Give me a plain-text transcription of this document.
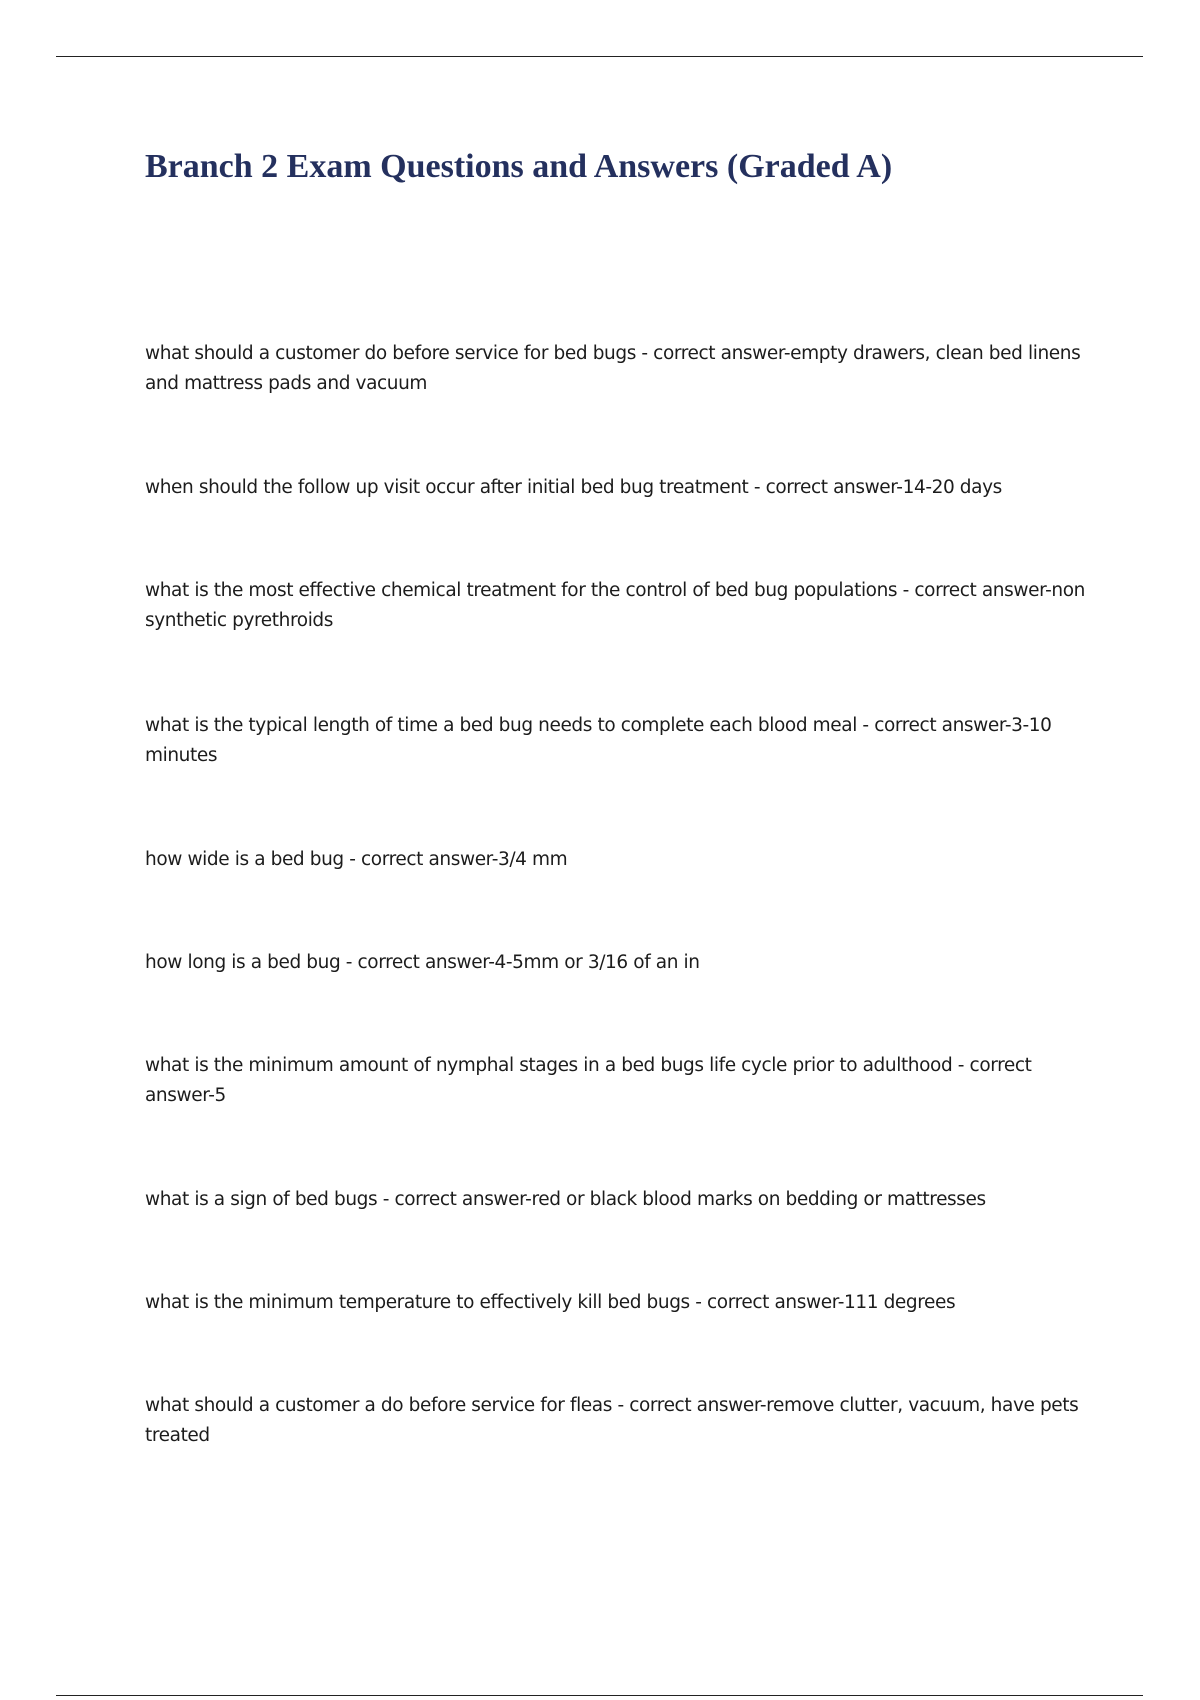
Branch 2 Exam Questions and Answers (Graded A)

what should a customer do before service for bed bugs - correct answer-empty drawers, clean bed linens and mattress pads and vacuum

when should the follow up visit occur after initial bed bug treatment - correct answer-14-20 days

what is the most effective chemical treatment for the control of bed bug populations - correct answer-non synthetic pyrethroids

what is the typical length of time a bed bug needs to complete each blood meal - correct answer-3-10 minutes

how wide is a bed bug - correct answer-3/4 mm

how long is a bed bug - correct answer-4-5mm or 3/16 of an in

what is the minimum amount of nymphal stages in a bed bugs life cycle prior to adulthood - correct answer-5

what is a sign of bed bugs - correct answer-red or black blood marks on bedding or mattresses

what is the minimum temperature to effectively kill bed bugs - correct answer-111 degrees

what should a customer a do before service for fleas - correct answer-remove clutter, vacuum, have pets treated
